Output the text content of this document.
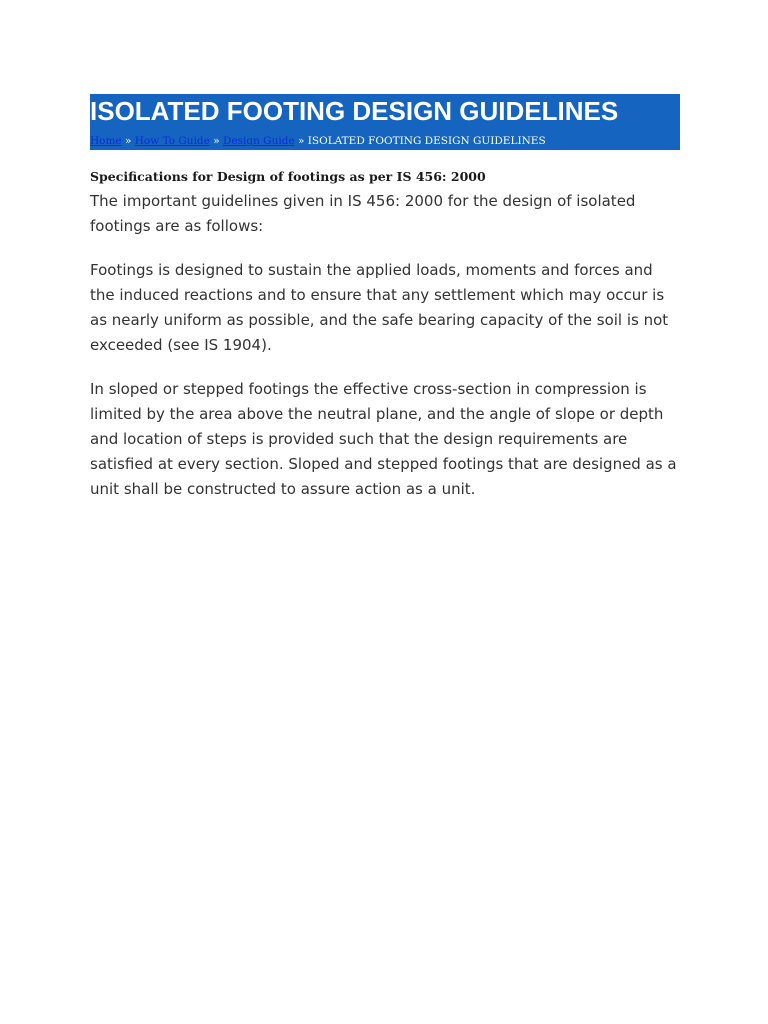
ISOLATED FOOTING DESIGN GUIDELINES
Home » How To Guide » Design Guide » ISOLATED FOOTING DESIGN GUIDELINES
Specifications for Design of footings as per IS 456: 2000

The important guidelines given in IS 456: 2000 for the design of isolated footings are as follows:

Footings is designed to sustain the applied loads, moments and forces and the induced reactions and to ensure that any settlement which may occur is as nearly uniform as possible, and the safe bearing capacity of the soil is not exceeded (see IS 1904).

In sloped or stepped footings the effective cross-section in compression is limited by the area above the neutral plane, and the angle of slope or depth and location of steps is provided such that the design requirements are satisfied at every section. Sloped and stepped footings that are designed as a unit shall be constructed to assure action as a unit.
